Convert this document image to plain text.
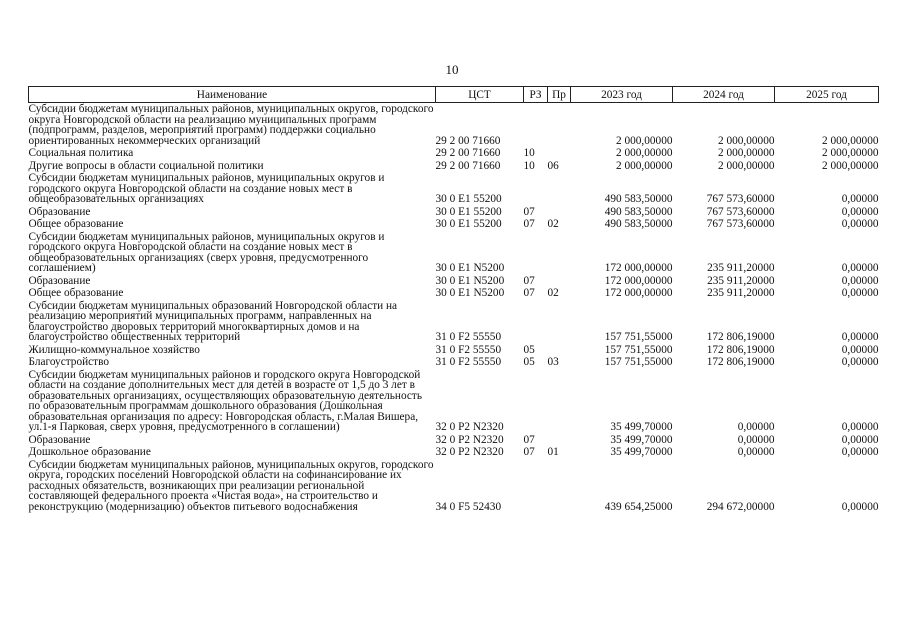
10
Наименование	ЦСТ	РЗ	Пр	2023 год	2024 год	2025 год
Субсидии бюджетам муниципальных районов, муниципальных округов, городского округа Новгородской области на реализацию муниципальных программ (подпрограмм, разделов, мероприятий программ) поддержки социально ориентированных некоммерческих организаций	29 2 00 71660			2 000,00000	2 000,00000	2 000,00000
Социальная политика	29 2 00 71660	10		2 000,00000	2 000,00000	2 000,00000
Другие вопросы в области социальной политики	29 2 00 71660	10	06	2 000,00000	2 000,00000	2 000,00000
Субсидии бюджетам муниципальных районов, муниципальных округов и городского округа Новгородской области на создание новых мест в общеобразовательных организациях	30 0 E1 55200			490 583,50000	767 573,60000	0,00000
Образование	30 0 E1 55200	07		490 583,50000	767 573,60000	0,00000
Общее образование	30 0 E1 55200	07	02	490 583,50000	767 573,60000	0,00000
Субсидии бюджетам муниципальных районов, муниципальных округов и городского округа Новгородской области на создание новых мест в общеобразовательных организациях (сверх уровня, предусмотренного соглашением)	30 0 E1 N5200			172 000,00000	235 911,20000	0,00000
Образование	30 0 E1 N5200	07		172 000,00000	235 911,20000	0,00000
Общее образование	30 0 E1 N5200	07	02	172 000,00000	235 911,20000	0,00000
Субсидии бюджетам муниципальных образований Новгородской области на реализацию мероприятий муниципальных программ, направленных на благоустройство дворовых территорий многоквартирных домов и на благоустройство общественных территорий	31 0 F2 55550			157 751,55000	172 806,19000	0,00000
Жилищно-коммунальное хозяйство	31 0 F2 55550	05		157 751,55000	172 806,19000	0,00000
Благоустройство	31 0 F2 55550	05	03	157 751,55000	172 806,19000	0,00000
Субсидии бюджетам муниципальных районов и городского округа Новгородской области на создание дополнительных мест для детей в возрасте от 1,5 до 3 лет в образовательных организациях, осуществляющих образовательную деятельность по образовательным программам дошкольного образования (Дошкольная образовательная организация по адресу: Новгородская область, г.Малая Вишера, ул.1-я Парковая, сверх уровня, предусмотренного в соглашении)	32 0 P2 N2320			35 499,70000	0,00000	0,00000
Образование	32 0 P2 N2320	07		35 499,70000	0,00000	0,00000
Дошкольное образование	32 0 P2 N2320	07	01	35 499,70000	0,00000	0,00000
Субсидии бюджетам муниципальных районов, муниципальных округов, городского округа, городских поселений Новгородской области на софинансирование их расходных обязательств, возникающих при реализации региональной составляющей федерального проекта «Чистая вода», на строительство и реконструкцию (модернизацию) объектов питьевого водоснабжения	34 0 F5 52430			439 654,25000	294 672,00000	0,00000
